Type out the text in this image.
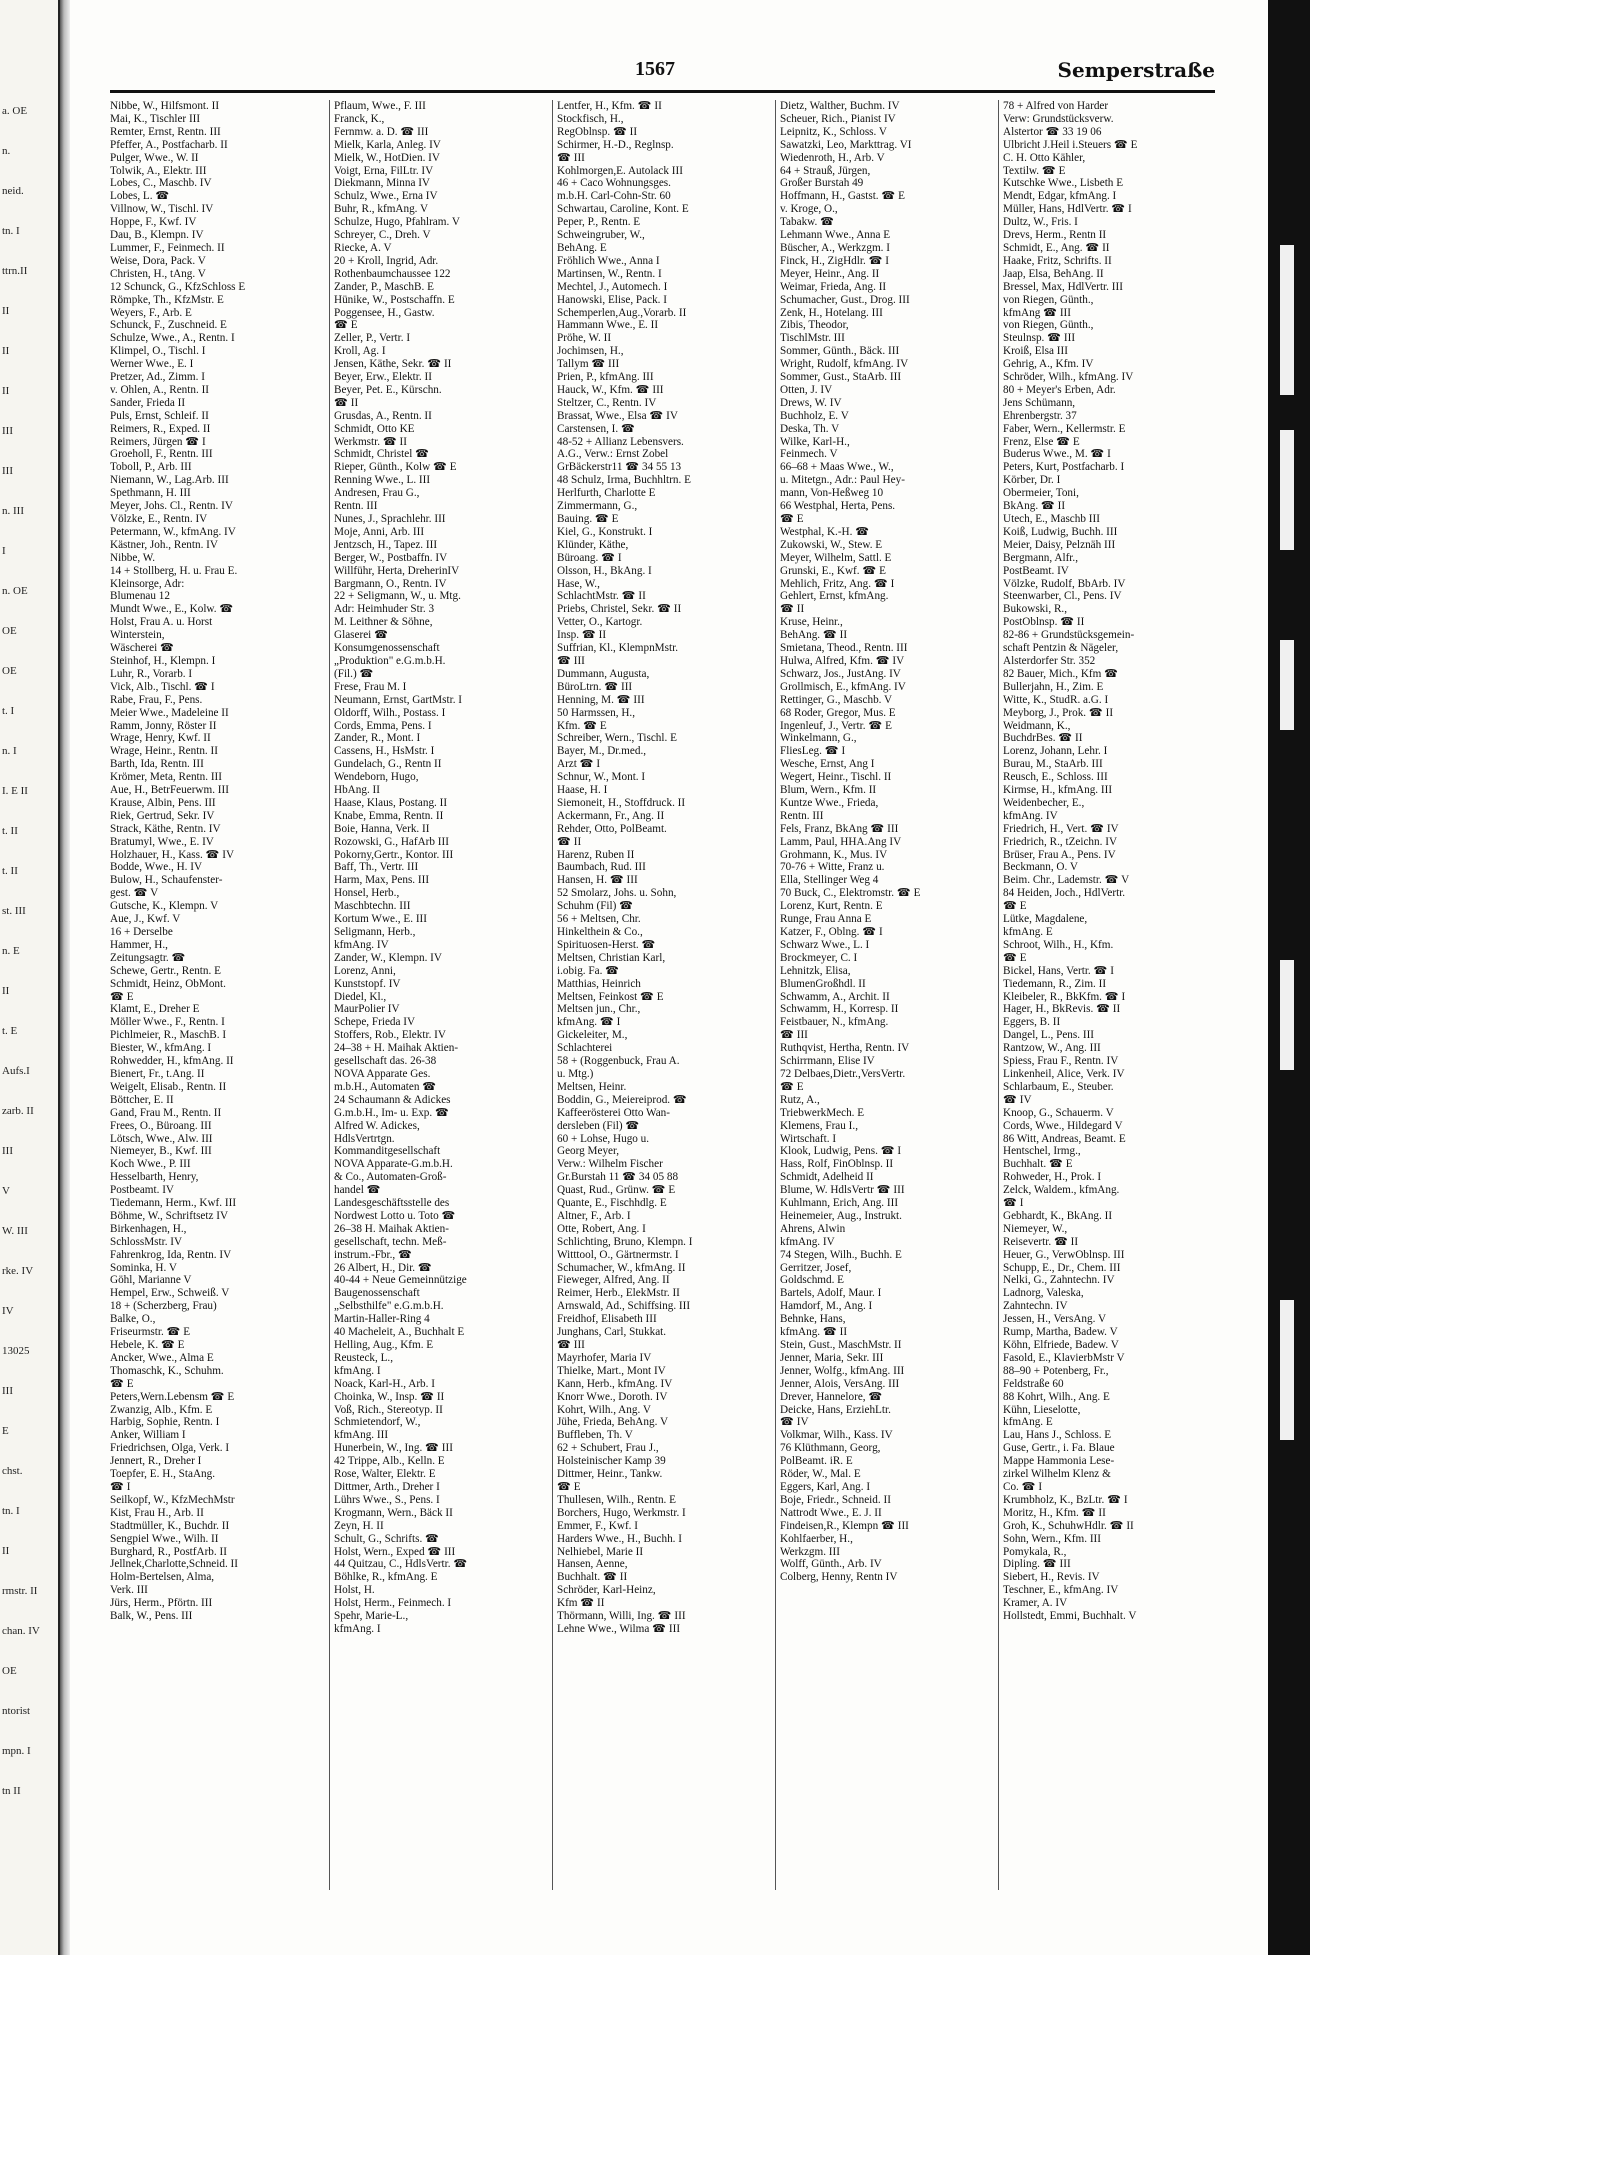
a. OE
n.
neid.
tn. I
ttrn.II
II
II
II
III
III
n. III
I
n. OE
OE
OE
t. I
n. I
I. E II
t. II
t. II
st. III
n. E
II
t. E
Aufs.I
zarb. II
III
V
W. III
rke. IV
IV
13025
III
E
chst.
tn. I
II
rmstr. II
chan. IV
OE
ntorist
mpn. I
tn II
1567	Semperstraße
Nibbe, W., Hilfsmont. II
Mai, K., Tischler III
Remter, Ernst, Rentn. III
Pfeffer, A., Postfacharb. II
Pulger, Wwe., W. II
Tolwik, A., Elektr. III
Lobes, C., Maschb. IV
Lobes, L. ☎
Villnow, W., Tischl. IV
Hoppe, F., Kwf. IV
Dau, B., Klempn. IV
Lummer, F., Feinmech. II
Weise, Dora, Pack. V
Christen, H., tAng. V
12 Schunck, G., KfzSchloss E
Römpke, Th., KfzMstr. E
Weyers, F., Arb. E
Schunck, F., Zuschneid. E
Schulze, Wwe., A., Rentn. I
Klimpel, O., Tischl. I
Werner Wwe., E. I
Pretzer, Ad., Zimm. I
v. Ohlen, A., Rentn. II
Sander, Frieda II
Puls, Ernst, Schleif. II
Reimers, R., Exped. II
Reimers, Jürgen ☎ I
Groeholl, F., Rentn. III
Toboll, P., Arb. III
Niemann, W., Lag.Arb. III
Spethmann, H. III
Meyer, Johs. Cl., Rentn. IV
Völzke, E., Rentn. IV
Petermann, W., kfmAng. IV
Kästner, Joh., Rentn. IV
Nibbe, W.
14 + Stollberg, H. u. Frau E.
Kleinsorge, Adr:
Blumenau 12
Mundt Wwe., E., Kolw. ☎
Holst, Frau A. u. Horst
Winterstein,
Wäscherei ☎
Steinhof, H., Klempn. I
Luhr, R., Vorarb. I
Vick, Alb., Tischl. ☎ I
Rabe, Frau, F., Pens.
Meier Wwe., Madeleine II
Ramm, Jonny, Röster II
Wrage, Henry, Kwf. II
Wrage, Heinr., Rentn. II
Barth, Ida, Rentn. III
Krömer, Meta, Rentn. III
Aue, H., BetrFeuerwm. III
Krause, Albin, Pens. III
Riek, Gertrud, Sekr. IV
Strack, Käthe, Rentn. IV
Bratumyl, Wwe., E. IV
Holzhauer, H., Kass. ☎ IV
Bodde, Wwe., H. IV
Bulow, H., Schaufenster-
gest. ☎ V
Gutsche, K., Klempn. V
Aue, J., Kwf. V
16 + Derselbe
Hammer, H.,
Zeitungsagtr. ☎
Schewe, Gertr., Rentn. E
Schmidt, Heinz, ObMont.
☎ E
Klamt, E., Dreher E
Möller Wwe., F., Rentn. I
Pichlmeier, R., MaschB. I
Biester, W., kfmAng. I
Rohwedder, H., kfmAng. II
Bienert, Fr., t.Ang. II
Weigelt, Elisab., Rentn. II
Böttcher, E. II
Gand, Frau M., Rentn. II
Frees, O., Büroang. III
Lötsch, Wwe., Alw. III
Niemeyer, B., Kwf. III
Koch Wwe., P. III
Hesselbarth, Henry,
Postbeamt. IV
Tiedemann, Herm., Kwf. III
Böhme, W., Schriftsetz IV
Birkenhagen, H.,
SchlossMstr. IV
Fahrenkrog, Ida, Rentn. IV
Sominka, H. V
Göhl, Marianne V
Hempel, Erw., Schweiß. V
18 + (Scherzberg, Frau)
Balke, O.,
Friseurmstr. ☎ E
Hebele, K. ☎ E
Ancker, Wwe., Alma E
Thomaschk, K., Schuhm.
☎ E
Peters,Wern.Lebensm ☎ E
Zwanzig, Alb., Kfm. E
Harbig, Sophie, Rentn. I
Anker, William I
Friedrichsen, Olga, Verk. I
Jennert, R., Dreher I
Toepfer, E. H., StaAng.
☎ I
Seilkopf, W., KfzMechMstr
Kist, Frau H., Arb. II
Stadtmüller, K., Buchdr. II
Sengpiel Wwe., Wilh. II
Burghard, R., PostfArb. II
Jellnek,Charlotte,Schneid. II
Holm-Bertelsen, Alma,
Verk. III
Jürs, Herm., Pförtn. III
Balk, W., Pens. III
Pflaum, Wwe., F. III
Franck, K.,
Fernmw. a. D. ☎ III
Mielk, Karla, Anleg. IV
Mielk, W., HotDien. IV
Voigt, Erna, FilLtr. IV
Diekmann, Minna IV
Schulz, Wwe., Erna IV
Buhr, R., kfmAng. V
Schulze, Hugo, Pfahlram. V
Schreyer, C., Dreh. V
Riecke, A. V
20 + Kroll, Ingrid, Adr.
Rothenbaumchaussee 122
Zander, P., MaschB. E
Hünike, W., Postschaffn. E
Poggensee, H., Gastw.
☎ E
Zeller, P., Vertr. I
Kroll, Ag. I
Jensen, Käthe, Sekr. ☎ II
Beyer, Erw., Elektr. II
Beyer, Pet. E., Kürschn.
☎ II
Grusdas, A., Rentn. II
Schmidt, Otto KE
Werkmstr. ☎ II
Schmidt, Christel ☎
Rieper, Günth., Kolw ☎ E
Renning Wwe., L. III
Andresen, Frau G.,
Rentn. III
Nunes, J., Sprachlehr. III
Moje, Anni, Arb. III
Jentzsch, H., Tapez. III
Berger, W., Postbaffn. IV
Willführ, Herta, DreherinIV
Bargmann, O., Rentn. IV
22 + Seligmann, W., u. Mtg.
Adr: Heimhuder Str. 3
M. Leithner & Söhne,
Glaserei ☎
Konsumgenossenschaft
„Produktion" e.G.m.b.H.
(Fil.) ☎
Frese, Frau M. I
Neumann, Ernst, GartMstr. I
Oldorff, Wilh., Postass. I
Cords, Emma, Pens. I
Zander, R., Mont. I
Cassens, H., HsMstr. I
Gundelach, G., Rentn II
Wendeborn, Hugo,
HbAng. II
Haase, Klaus, Postang. II
Knabe, Emma, Rentn. II
Boie, Hanna, Verk. II
Rozowski, G., HafArb III
Pokorny,Gertr., Kontor. III
Baff, Th., Vertr. III
Harm, Max, Pens. III
Honsel, Herb.,
Maschbtechn. III
Kortum Wwe., E. III
Seligmann, Herb.,
kfmAng. IV
Zander, W., Klempn. IV
Lorenz, Anni,
Kunststopf. IV
Diedel, Kl.,
MaurPolier IV
Schepe, Frieda IV
Stoffers, Rob., Elektr. IV
24–38 + H. Maihak Aktien-
gesellschaft das. 26-38
NOVA Apparate Ges.
m.b.H., Automaten ☎
24 Schaumann & Adickes
G.m.b.H., Im- u. Exp. ☎
Alfred W. Adickes,
HdlsVertrtgn.
Kommanditgesellschaft
NOVA Apparate-G.m.b.H.
& Co., Automaten-Groß-
handel ☎
Landesgeschäftsstelle des
Nordwest Lotto u. Toto ☎
26–38 H. Maihak Aktien-
gesellschaft, techn. Meß-
instrum.-Fbr., ☎
26 Albert, H., Dir. ☎
40-44 + Neue Gemeinnützige
Baugenossenschaft
„Selbsthilfe" e.G.m.b.H.
Martin-Haller-Ring 4
40 Macheleit, A., Buchhalt E
Helling, Aug., Kfm. E
Reusteck, L.,
kfmAng. I
Noack, Karl-H., Arb. I
Choinka, W., Insp. ☎ II
Voß, Rich., Stereotyp. II
Schmietendorf, W.,
kfmAng. III
Hunerbein, W., Ing. ☎ III
42 Trippe, Alb., Kelln. E
Rose, Walter, Elektr. E
Dittmer, Arth., Dreher I
Lührs Wwe., S., Pens. I
Krogmann, Wern., Bäck II
Zeyn, H. II
Schult, G., Schrifts. ☎
Holst, Wern., Exped ☎ III
44 Quitzau, C., HdlsVertr. ☎
Böhlke, R., kfmAng. E
Holst, H.
Holst, Herm., Feinmech. I
Spehr, Marie-L.,
kfmAng. I
Lentfer, H., Kfm. ☎ II
Stockfisch, H.,
RegOblnsp. ☎ II
Schirmer, H.-D., Reglnsp.
☎ III
Kohlmorgen,E. Autolack III
46 + Caco Wohnungsges.
m.b.H. Carl-Cohn-Str. 60
Schwartau, Caroline, Kont. E
Peper, P., Rentn. E
Schweingruber, W.,
BehAng. E
Fröhlich Wwe., Anna I
Martinsen, W., Rentn. I
Mechtel, J., Automech. I
Hanowski, Elise, Pack. I
Schemperlen,Aug.,Vorarb. II
Hammann Wwe., E. II
Pröhe, W. II
Jochimsen, H.,
Tallym ☎ III
Prien, P., kfmAng. III
Hauck, W., Kfm. ☎ III
Steltzer, C., Rentn. IV
Brassat, Wwe., Elsa ☎ IV
Carstensen, I. ☎
48-52 + Allianz Lebensvers.
A.G., Verw.: Ernst Zobel
GrBäckerstr11 ☎ 34 55 13
48 Schulz, Irma, Buchhltrn. E
Herlfurth, Charlotte E
Zimmermann, G.,
Bauing. ☎ E
Kiel, G., Konstrukt. I
Klünder, Käthe,
Büroang. ☎ I
Olsson, H., BkAng. I
Hase, W.,
SchlachtMstr. ☎ II
Priebs, Christel, Sekr. ☎ II
Vetter, O., Kartogr.
Insp. ☎ II
Suffrian, Kl., KlempnMstr.
☎ III
Dummann, Augusta,
BüroLtrn. ☎ III
Henning, M. ☎ III
50 Harmssen, H.,
Kfm. ☎ E
Schreiber, Wern., Tischl. E
Bayer, M., Dr.med.,
Arzt ☎ I
Schnur, W., Mont. I
Haase, H. I
Siemoneit, H., Stoffdruck. II
Ackermann, Fr., Ang. II
Rehder, Otto, PolBeamt.
☎ II
Harenz, Ruben II
Baumbach, Rud. III
Hansen, H. ☎ III
52 Smolarz, Johs. u. Sohn,
Schuhm (Fil) ☎
56 + Meltsen, Chr.
Hinkelthein & Co.,
Spirituosen-Herst. ☎
Meltsen, Christian Karl,
i.obig. Fa. ☎
Matthias, Heinrich
Meltsen, Feinkost ☎ E
Meltsen jun., Chr.,
kfmAng. ☎ I
Gickeleiter, M.,
Schlachterei
58 + (Roggenbuck, Frau A.
u. Mtg.)
Meltsen, Heinr.
Boddin, G., Meiereiprod. ☎
Kaffeerösterei Otto Wan-
dersleben (Fil) ☎
60 + Lohse, Hugo u.
Georg Meyer,
Verw.: Wilhelm Fischer
Gr.Burstah 11 ☎ 34 05 88
Quast, Rud., Grünw. ☎ E
Quante, E., Fischhdlg. E
Altner, F., Arb. I
Otte, Robert, Ang. I
Schlichting, Bruno, Klempn. I
Witttool, O., Gärtnermstr. I
Schumacher, W., kfmAng. II
Fieweger, Alfred, Ang. II
Reimer, Herb., ElekMstr. II
Arnswald, Ad., Schiffsing. III
Freidhof, Elisabeth III
Junghans, Carl, Stukkat.
☎ III
Mayrhofer, Maria IV
Thielke, Mart., Mont IV
Kann, Herb., kfmAng. IV
Knorr Wwe., Doroth. IV
Kohrt, Wilh., Ang. V
Jühe, Frieda, BehAng. V
Buffleben, Th. V
62 + Schubert, Frau J.,
Holsteinischer Kamp 39
Dittmer, Heinr., Tankw.
☎ E
Thullesen, Wilh., Rentn. E
Borchers, Hugo, Werkmstr. I
Emmer, F., Kwf. I
Harders Wwe., H., Buchh. I
Nelhiebel, Marie II
Hansen, Aenne,
Buchhalt. ☎ II
Schröder, Karl-Heinz,
Kfm ☎ II
Thörmann, Willi, Ing. ☎ III
Lehne Wwe., Wilma ☎ III
Dietz, Walther, Buchm. IV
Scheuer, Rich., Pianist IV
Leipnitz, K., Schloss. V
Sawatzki, Leo, Markttrag. VI
Wiedenroth, H., Arb. V
64 + Strauß, Jürgen,
Großer Burstah 49
Hoffmann, H., Gastst. ☎ E
v. Kroge, O.,
Tabakw. ☎
Lehmann Wwe., Anna E
Büscher, A., Werkzgm. I
Finck, H., ZigHdlr. ☎ I
Meyer, Heinr., Ang. II
Weimar, Frieda, Ang. II
Schumacher, Gust., Drog. III
Zenk, H., Hotelang. III
Zibis, Theodor,
TischlMstr. III
Sommer, Günth., Bäck. III
Wright, Rudolf, kfmAng. IV
Sommer, Gust., StaArb. III
Otten, J. IV
Drews, W. IV
Buchholz, E. V
Deska, Th. V
Wilke, Karl-H.,
Feinmech. V
66–68 + Maas Wwe., W.,
u. Mitetgn., Adr.: Paul Hey-
mann, Von-Heßweg 10
66 Westphal, Herta, Pens.
☎ E
Westphal, K.-H. ☎
Zukowski, W., Stew. E
Meyer, Wilhelm, Sattl. E
Grunski, E., Kwf. ☎ E
Mehlich, Fritz, Ang. ☎ I
Gehlert, Ernst, kfmAng.
☎ II
Kruse, Heinr.,
BehAng. ☎ II
Smietana, Theod., Rentn. III
Hulwa, Alfred, Kfm. ☎ IV
Schwarz, Jos., JustAng. IV
Grollmisch, E., kfmAng. IV
Rettinger, G., Maschb. V
68 Roder, Gregor, Mus. E
Ingenleuf, J., Vertr. ☎ E
Winkelmann, G.,
FliesLeg. ☎ I
Wesche, Ernst, Ang I
Wegert, Heinr., Tischl. II
Blum, Wern., Kfm. II
Kuntze Wwe., Frieda,
Rentn. III
Fels, Franz, BkAng ☎ III
Lamm, Paul, HHA.Ang IV
Grohmann, K., Mus. IV
70-76 + Witte, Franz u.
Ella, Stellinger Weg 4
70 Buck, C., Elektromstr. ☎ E
Lorenz, Kurt, Rentn. E
Runge, Frau Anna E
Katzer, F., Oblng. ☎ I
Schwarz Wwe., L. I
Brockmeyer, C. I
Lehnitzk, Elisa,
BlumenGroßhdl. II
Schwamm, A., Archit. II
Schwamm, H., Korresp. II
Feistbauer, N., kfmAng.
☎ III
Ruthqvist, Hertha, Rentn. IV
Schirrmann, Elise IV
72 Delbaes,Dietr.,VersVertr.
☎ E
Rutz, A.,
TriebwerkMech. E
Klemens, Frau I.,
Wirtschaft. I
Klook, Ludwig, Pens. ☎ I
Hass, Rolf, FinOblnsp. II
Schmidt, Adelheid II
Blume, W. HdlsVertr ☎ III
Kuhlmann, Erich, Ang. III
Heinemeier, Aug., Instrukt.
Ahrens, Alwin
kfmAng. IV
74 Stegen, Wilh., Buchh. E
Gerritzer, Josef,
Goldschmd. E
Bartels, Adolf, Maur. I
Hamdorf, M., Ang. I
Behnke, Hans,
kfmAng. ☎ II
Stein, Gust., MaschMstr. II
Jenner, Maria, Sekr. III
Jenner, Wolfg., kfmAng. III
Jenner, Alois, VersAng. III
Drever, Hannelore, ☎
Deicke, Hans, ErziehLtr.
☎ IV
Volkmar, Wilh., Kass. IV
76 Klüthmann, Georg,
PolBeamt. iR. E
Röder, W., Mal. E
Eggers, Karl, Ang. I
Boje, Friedr., Schneid. II
Nattrodt Wwe., E. J. II
Findeisen,R., Klempn ☎ III
Kohlfaerber, H.,
Werkzgm. III
Wolff, Günth., Arb. IV
Colberg, Henny, Rentn IV
78 + Alfred von Harder
Verw: Grundstücksverw.
Alstertor ☎ 33 19 06
Ulbricht J.Heil i.Steuers ☎ E
C. H. Otto Kähler,
Textilw. ☎ E
Kutschke Wwe., Lisbeth E
Mendt, Edgar, kfmAng. I
Müller, Hans, HdlVertr. ☎ I
Dultz, W., Fris. I
Drevs, Herm., Rentn II
Schmidt, E., Ang. ☎ II
Haake, Fritz, Schrifts. II
Jaap, Elsa, BehAng. II
Bressel, Max, HdlVertr. III
von Riegen, Günth.,
kfmAng ☎ III
von Riegen, Günth.,
Steulnsp. ☎ III
Kroiß, Elsa III
Gehrig, A., Kfm. IV
Schröder, Wilh., kfmAng. IV
80 + Meyer's Erben, Adr.
Jens Schümann,
Ehrenbergstr. 37
Faber, Wern., Kellermstr. E
Frenz, Else ☎ E
Buderus Wwe., M. ☎ I
Peters, Kurt, Postfacharb. I
Körber, Dr. I
Obermeier, Toni,
BkAng. ☎ II
Utech, E., Maschb III
Koiß, Ludwig, Buchh. III
Meier, Daisy, Pelznäh III
Bergmann, Alfr.,
PostBeamt. IV
Völzke, Rudolf, BbArb. IV
Steenwarber, Cl., Pens. IV
Bukowski, R.,
PostOblnsp. ☎ II
82-86 + Grundstücksgemein-
schaft Pentzin & Nägeler,
Alsterdorfer Str. 352
82 Bauer, Mich., Kfm ☎
Bullerjahn, H., Zim. E
Witte, K., StudR. a.G. I
Meyborg, J., Prok. ☎ II
Weidmann, K.,
BuchdrBes. ☎ II
Lorenz, Johann, Lehr. I
Burau, M., StaArb. III
Reusch, E., Schloss. III
Kirmse, H., kfmAng. III
Weidenbecher, E.,
kfmAng. IV
Friedrich, H., Vert. ☎ IV
Friedrich, R., tZeichn. IV
Brüser, Frau A., Pens. IV
Beckmann, O. V
Beim. Chr., Lademstr. ☎ V
84 Heiden, Joch., HdlVertr.
☎ E
Lütke, Magdalene,
kfmAng. E
Schroot, Wilh., H., Kfm.
☎ E
Bickel, Hans, Vertr. ☎ I
Tiedemann, R., Zim. II
Kleibeler, R., BkKfm. ☎ I
Hager, H., BkRevis. ☎ II
Eggers, B. II
Dangel, L., Pens. III
Rantzow, W., Ang. III
Spiess, Frau F., Rentn. IV
Linkenheil, Alice, Verk. IV
Schlarbaum, E., Steuber.
☎ IV
Knoop, G., Schauerm. V
Cords, Wwe., Hildegard V
86 Witt, Andreas, Beamt. E
Hentschel, Irmg.,
Buchhalt. ☎ E
Rohweder, H., Prok. I
Zelck, Waldem., kfmAng.
☎ I
Gebhardt, K., BkAng. II
Niemeyer, W.,
Reisevertr. ☎ II
Heuer, G., VerwOblnsp. III
Schupp, E., Dr., Chem. III
Nelki, G., Zahntechn. IV
Ladnorg, Valeska,
Zahntechn. IV
Jessen, H., VersAng. V
Rump, Martha, Badew. V
Köhn, Elfriede, Badew. V
Fasold, E., KlavierbMstr V
88–90 + Potenberg, Fr.,
Feldstraße 60
88 Kohrt, Wilh., Ang. E
Kühn, Lieselotte,
kfmAng. E
Lau, Hans J., Schloss. E
Guse, Gertr., i. Fa. Blaue
Mappe Hammonia Lese-
zirkel Wilhelm Klenz &
Co. ☎ I
Krumbholz, K., BzLtr. ☎ I
Moritz, H., Kfm. ☎ II
Groh, K., SchuhwHdlr. ☎ II
Sohn, Wern., Kfm. III
Pomykala, R.,
Dipling. ☎ III
Siebert, H., Revis. IV
Teschner, E., kfmAng. IV
Kramer, A. IV
Hollstedt, Emmi, Buchhalt. V
